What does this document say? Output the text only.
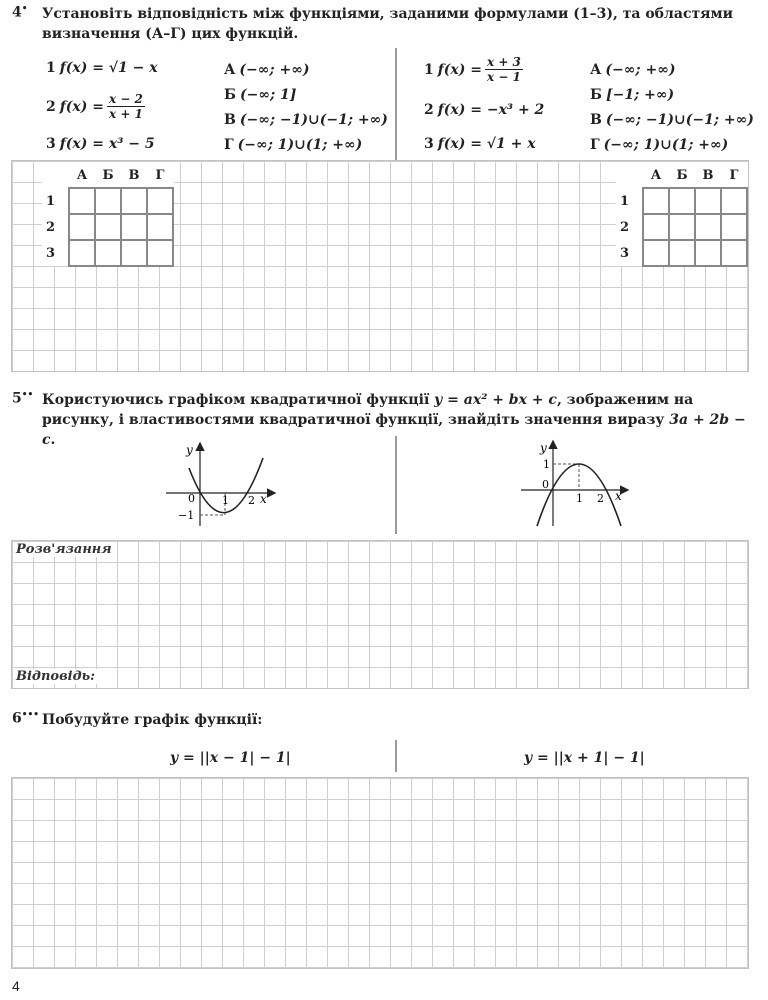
4• Установіть відповідність між функціями, заданими формулами (1–3), та областями визначення (А–Г) цих функцій.
1 f(x) =
√1 − x
2 $f(x) = \frac{x - 2}{x + 1}$
3 f(x) =
x³ − 5
А (−∞; +∞)
Б (−∞; 1]
В (−∞; −1)∪(−1; +∞)
Г (−∞; 1)∪(1; +∞)
1 $f(x) = \frac{x + 3}{x - 1}$
2 f(x) =
−x³ + 2
3 f(x) =
√1 + x
А (−∞; +∞)
Б [−1; +∞)
В (−∞; −1)∪(−1; +∞)
Г (−∞; 1)∪(1; +∞)
	А	Б	В	Г
1				
2				
3				
	А	Б	В	Г
1				
2				
3				
5•• Користуючись графіком квадратичної функції y = ax² + bx + c, зображеним на рисунку, і властивостями квадратичної функції, знайдіть значення виразу 3a + 2b − c.
y
x
0 1 2
−1
y
x
0
1
1 2
Розв'язання
Відповідь:
6••• Побудуйте графік функції:
y = ||x − 1| − 1|	y = ||x + 1| − 1|
4
